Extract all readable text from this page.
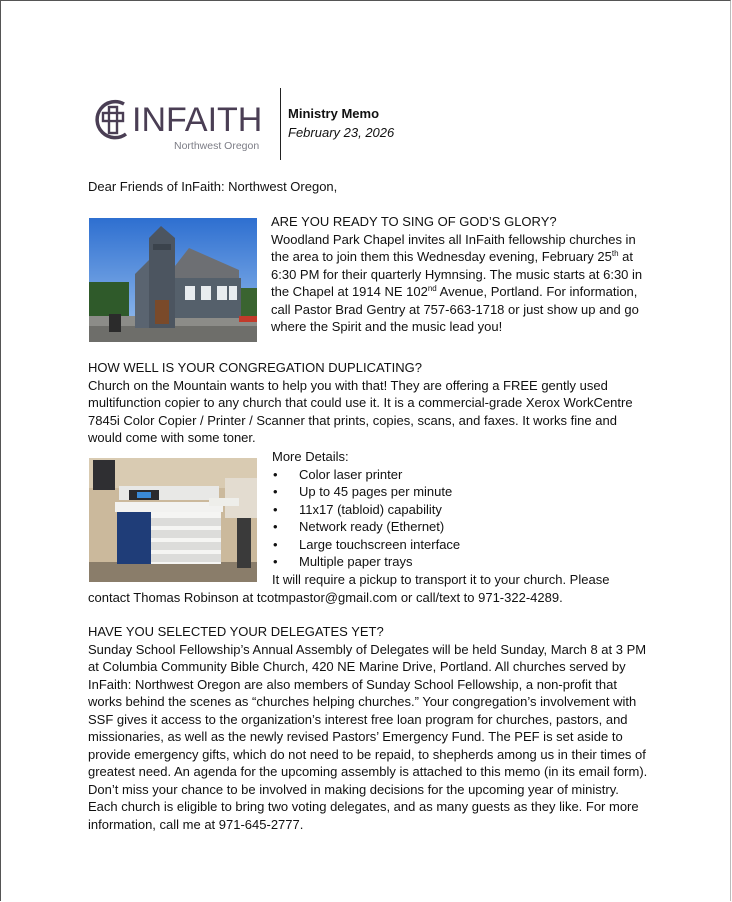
INFAITH
Northwest Oregon
Ministry Memo
February 23, 2026
Dear Friends of InFaith: Northwest Oregon,

ARE YOU READY TO SING OF GOD’S GLORY?

Woodland Park Chapel invites all InFaith fellowship churches in the area to join them this Wednesday evening, February 25th at 6:30 PM for their quarterly Hymnsing. The music starts at 6:30 in the Chapel at 1914 NE 102nd Avenue, Portland. For information, call Pastor Brad Gentry at 757-663-1718 or just show up and go where the Spirit and the music lead you!

HOW WELL IS YOUR CONGREGATION DUPLICATING?

Church on the Mountain wants to help you with that! They are offering a FREE gently used multifunction copier to any church that could use it. It is a commercial-grade Xerox WorkCentre 7845i Color Copier / Printer / Scanner that prints, copies, scans, and faxes. It works fine and would come with some toner.

More Details:
• Color laser printer
• Up to 45 pages per minute
• 11x17 (tabloid) capability
• Network ready (Ethernet)
• Large touchscreen interface
• Multiple paper trays
It will require a pickup to transport it to your church. Please
contact Thomas Robinson at tcotmpastor@gmail.com or call/text to 971-322-4289.

HAVE YOU SELECTED YOUR DELEGATES YET?

Sunday School Fellowship’s Annual Assembly of Delegates will be held Sunday, March 8 at 3 PM at Columbia Community Bible Church, 420 NE Marine Drive, Portland. All churches served by InFaith: Northwest Oregon are also members of Sunday School Fellowship, a non-profit that works behind the scenes as “churches helping churches.” Your congregation’s involvement with SSF gives it access to the organization’s interest free loan program for churches, pastors, and missionaries, as well as the newly revised Pastors’ Emergency Fund. The PEF is set aside to provide emergency gifts, which do not need to be repaid, to shepherds among us in their times of greatest need. An agenda for the upcoming assembly is attached to this memo (in its email form). Don’t miss your chance to be involved in making decisions for the upcoming year of ministry. Each church is eligible to bring two voting delegates, and as many guests as they like. For more information, call me at 971-645-2777.
